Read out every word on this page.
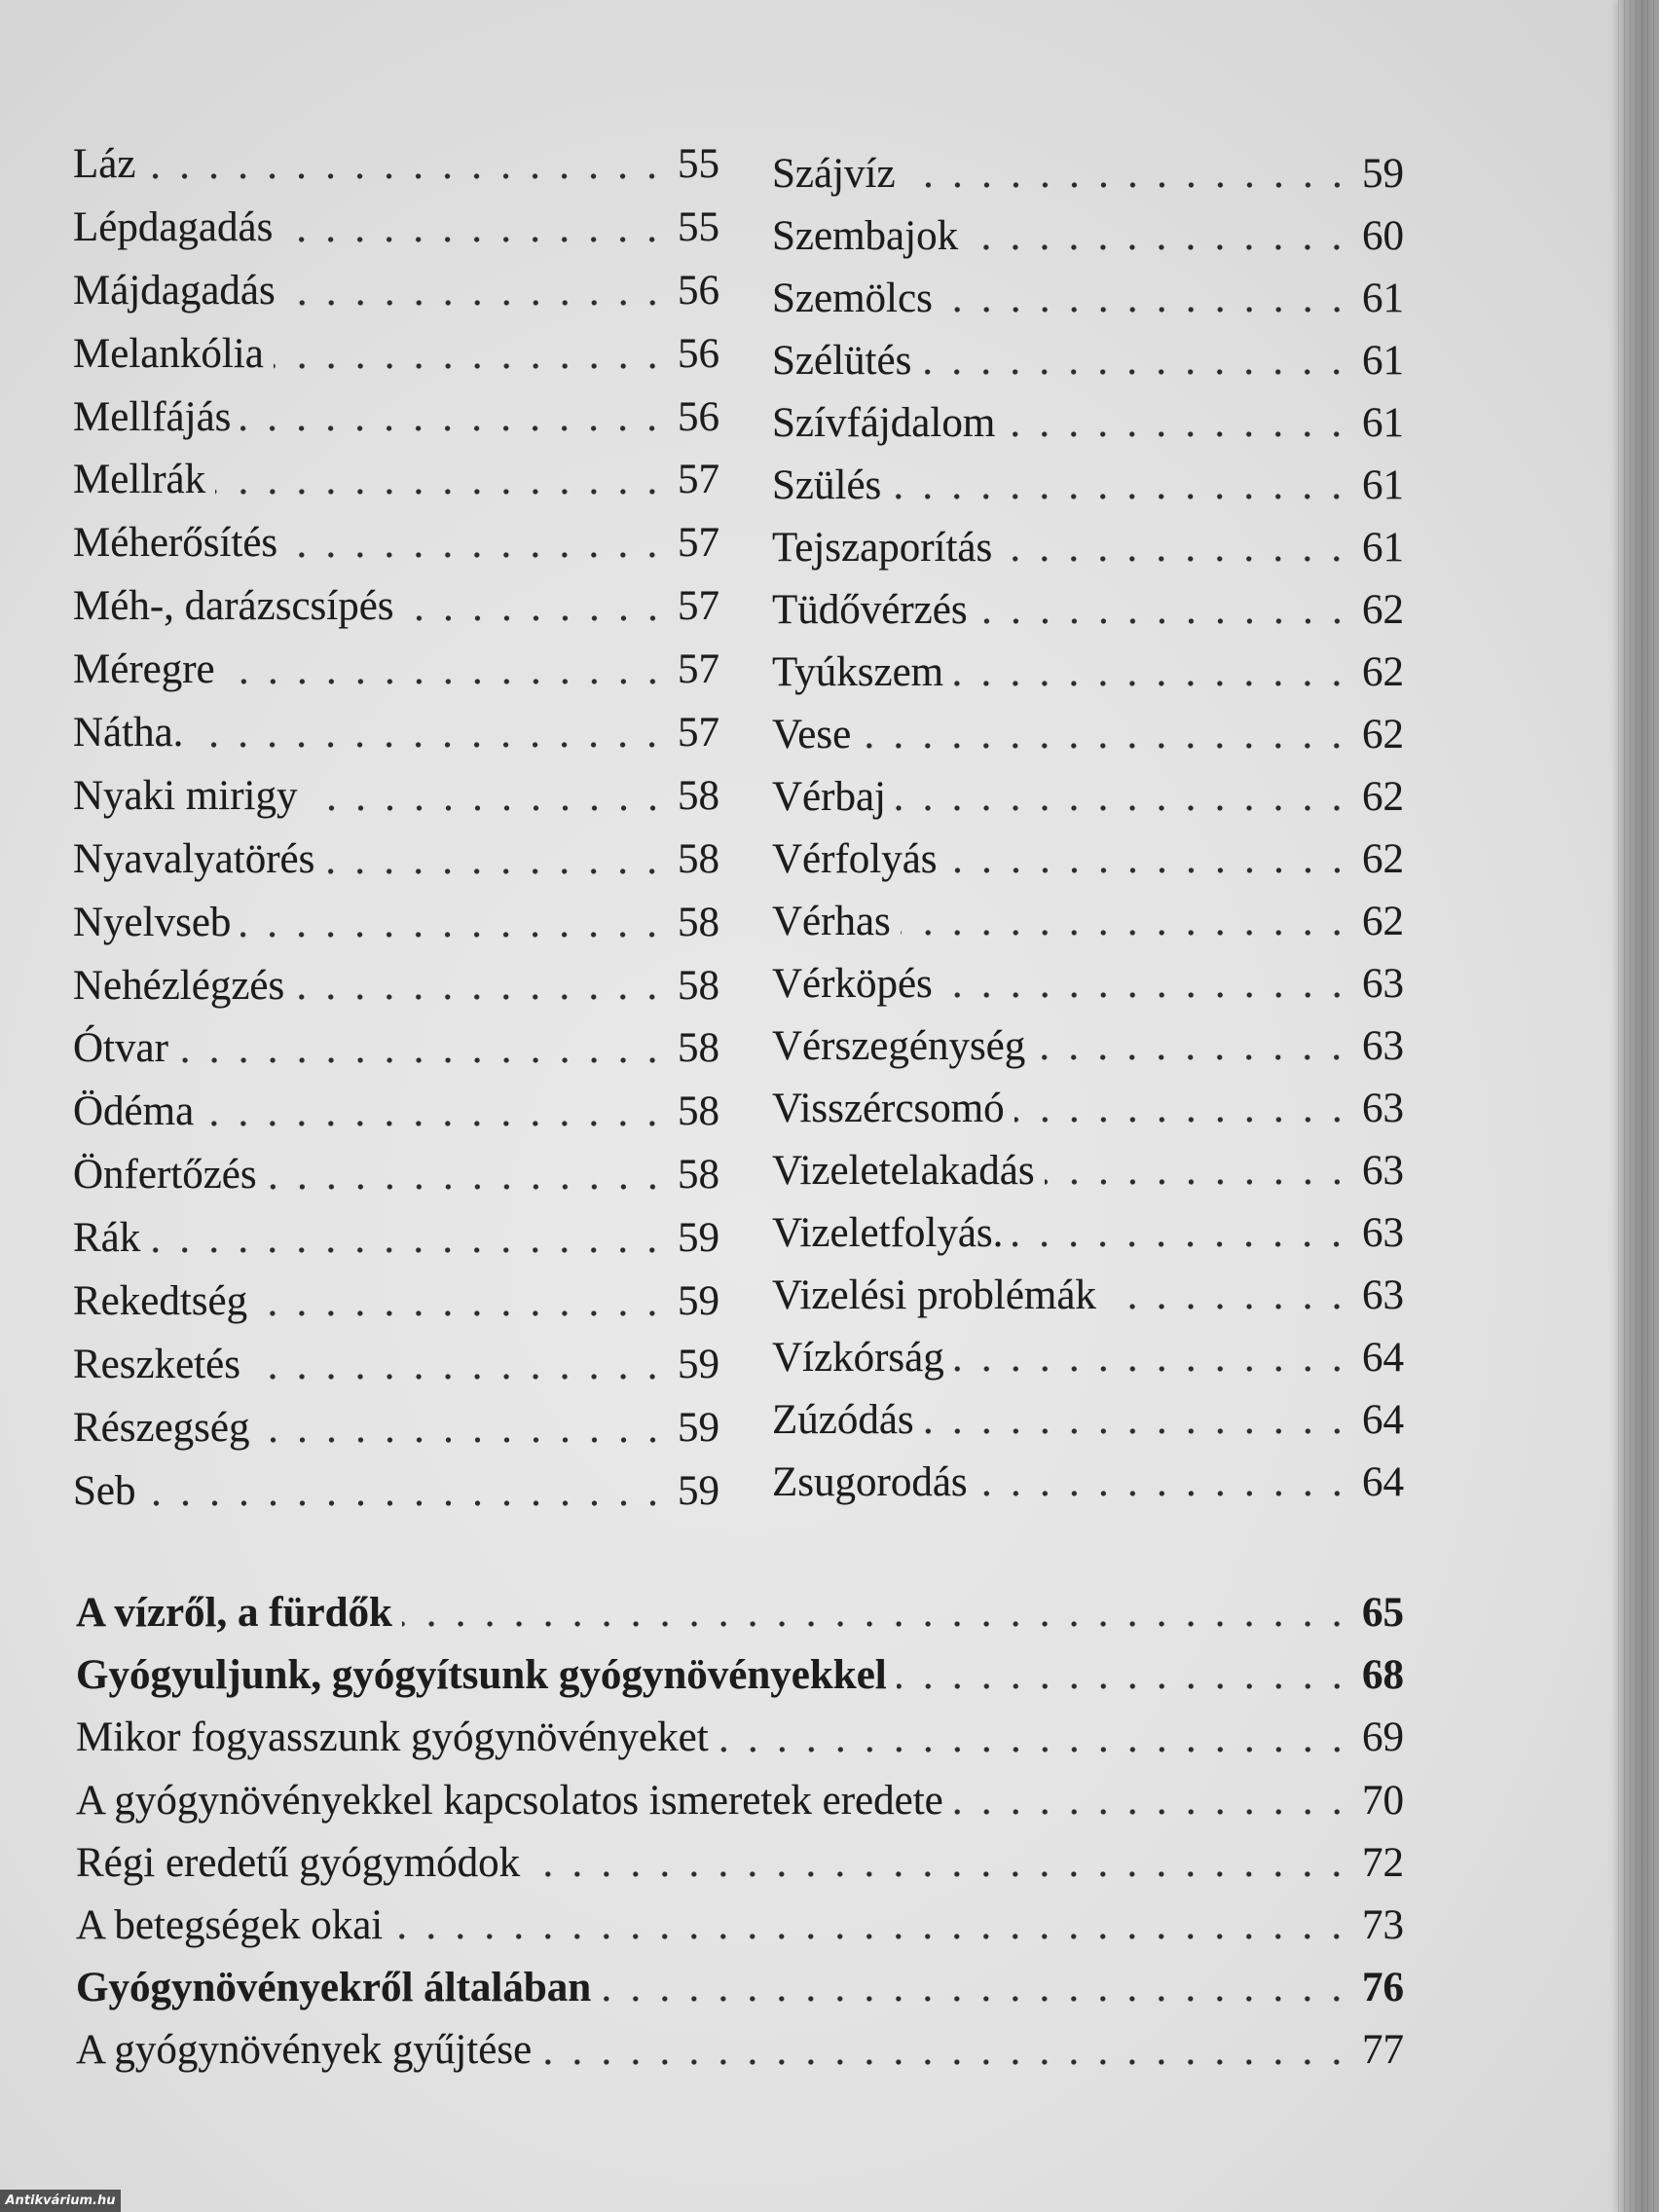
Láz	55
Lépdagadás	55
Májdagadás	56
Melankólia	56
Mellfájás	56
Mellrák	57
Méherősítés	57
Méh-, darázscsípés	57
Méregre	57
Nátha.	57
Nyaki mirigy	58
Nyavalyatörés	58
Nyelvseb	58
Nehézlégzés	58
Ótvar	58
Ödéma	58
Önfertőzés	58
Rák	59
Rekedtség	59
Reszketés	59
Részegség	59
Seb	59
Szájvíz	59
Szembajok	60
Szemölcs	61
Szélütés	61
Szívfájdalom	61
Szülés	61
Tejszaporítás	61
Tüdővérzés	62
Tyúkszem	62
Vese	62
Vérbaj	62
Vérfolyás	62
Vérhas	62
Vérköpés	63
Vérszegénység	63
Visszércsomó	63
Vizeletelakadás	63
Vizeletfolyás.	63
Vizelési problémák	63
Vízkórság	64
Zúzódás	64
Zsugorodás	64
A vízről, a fürdők	65
Gyógyuljunk, gyógyítsunk gyógynövényekkel	68
Mikor fogyasszunk gyógynövényeket	69
A gyógynövényekkel kapcsolatos ismeretek eredete	70
Régi eredetű gyógymódok	72
A betegségek okai	73
Gyógynövényekről általában	76
A gyógynövények gyűjtése	77
Antikvárium.hu
